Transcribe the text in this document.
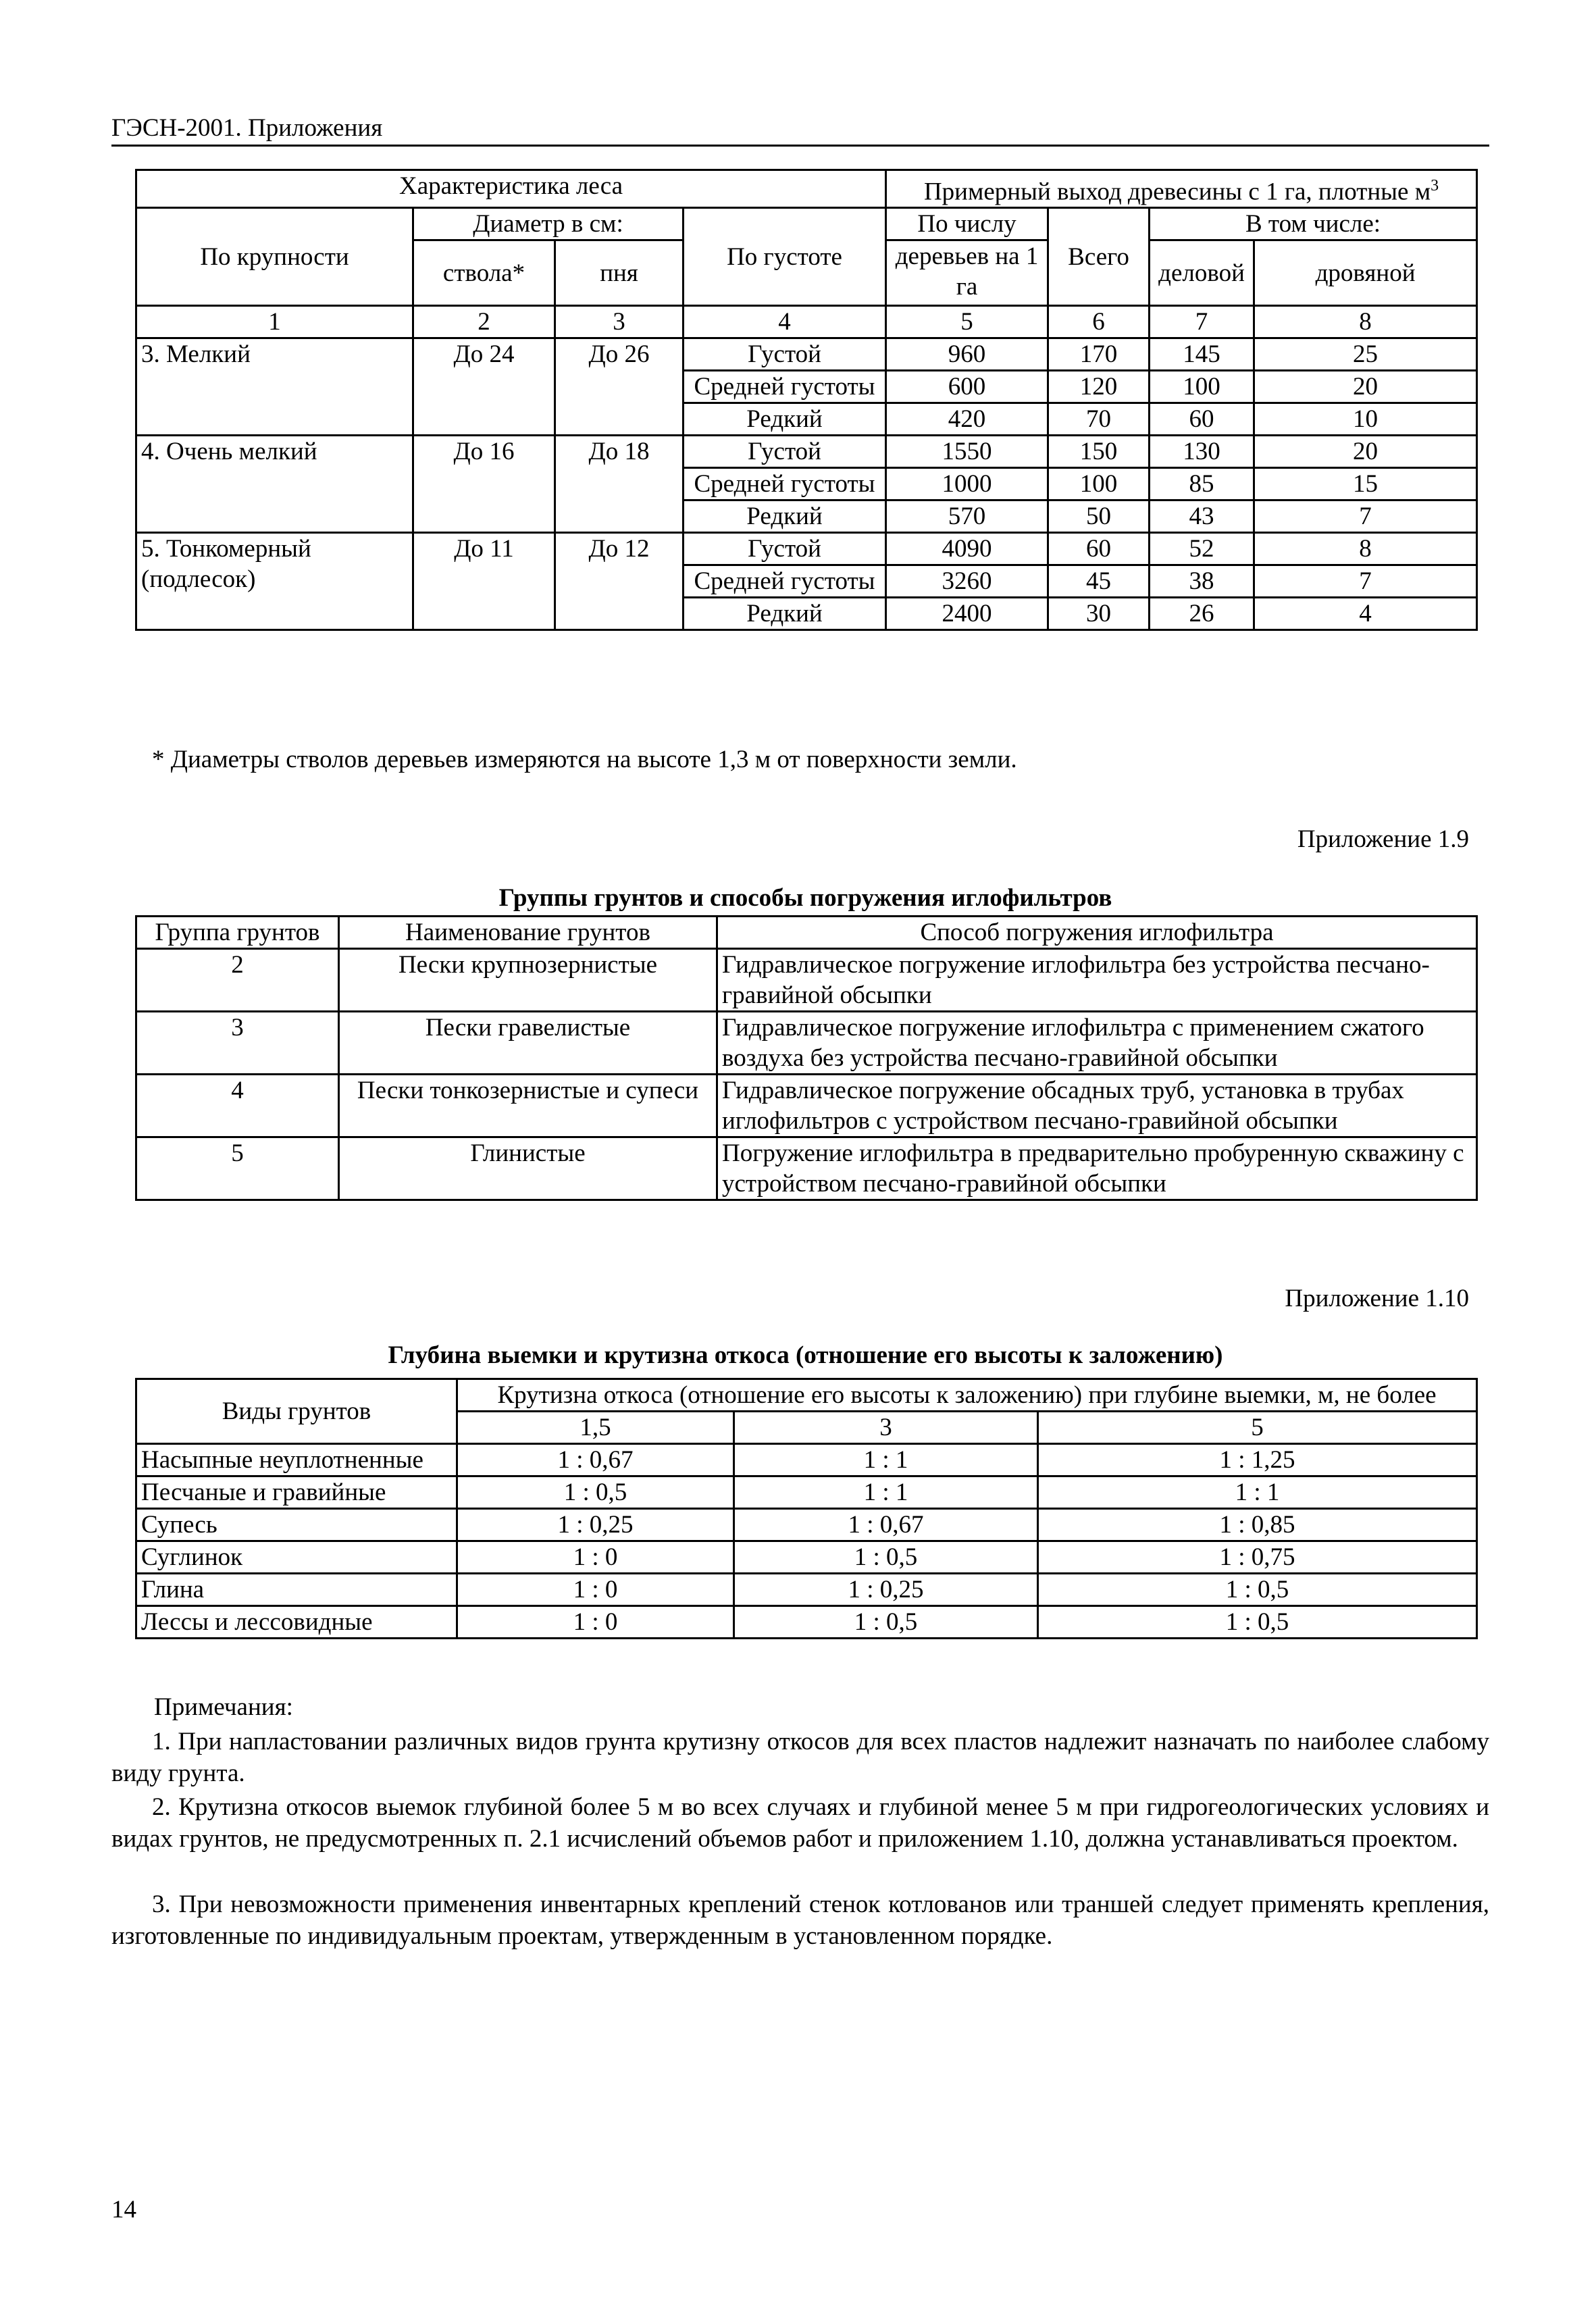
ГЭСН-2001. Приложения
Характеристика леса				Примерный выход древесины с 1 га, плотные $м^3$
По крупности	Диаметр в см:		По густоте	По числу	Всего	В том числе:	
	ствола*	пня		деревьев на 1 га		деловой	дровяной
1	2	3	4	5	6	7	8
3. Мелкий	До 24	До 26	Густой	960	170	145	25
			Средней густоты	600	120	100	20
			Редкий	420	70	60	10
4. Очень мелкий	До 16	До 18	Густой	1550	150	130	20
			Средней густоты	1000	100	85	15
			Редкий	570	50	43	7
5. Тонкомерный (подлесок)	До 11	До 12	Густой	4090	60	52	8
			Средней густоты	3260	45	38	7
			Редкий	2400	30	26	4
* Диаметры стволов деревьев измеряются на высоте 1,3 м от поверхности земли.
Приложение 1.9
Группы грунтов и способы погружения иглофильтров
Группа грунтов	Наименование грунтов	Способ погружения иглофильтра
2	Пески крупнозернистые	Гидравлическое погружение иглофильтра без устройства песчано-гравийной обсыпки
3	Пески гравелистые	Гидравлическое погружение иглофильтра с применением сжатого воздуха без устройства песчано-гравийной обсыпки
4	Пески тонкозернистые и супеси	Гидравлическое погружение обсадных труб, установка в трубах иглофильтров с устройством песчано-гравийной обсыпки
5	Глинистые	Погружение иглофильтра в предварительно пробуренную скважину с устройством песчано-гравийной обсыпки
Приложение 1.10
Глубина выемки и крутизна откоса (отношение его высоты к заложению)
Виды грунтов	Крутизна откоса (отношение его высоты к заложению) при глубине выемки, м, не более		
	1,5	3	5
Насыпные неуплотненные	1 : 0,67	1 : 1	1 : 1,25
Песчаные и гравийные	1 : 0,5	1 : 1	1 : 1
Супесь	1 : 0,25	1 : 0,67	1 : 0,85
Суглинок	1 : 0	1 : 0,5	1 : 0,75
Глина	1 : 0	1 : 0,25	1 : 0,5
Лессы и лессовидные	1 : 0	1 : 0,5	1 : 0,5
Примечания:
1. При напластовании различных видов грунта крутизну откосов для всех пластов надлежит назначать по наиболее слабому виду грунта.
2. Крутизна откосов выемок глубиной более 5 м во всех случаях и глубиной менее 5 м при гидрогеологических условиях и видах грунтов, не предусмотренных п. 2.1 исчислений объемов работ и приложением 1.10, должна устанавливаться проектом.
3. При невозможности применения инвентарных креплений стенок котлованов или траншей следует применять крепления, изготовленные по индивидуальным проектам, утвержденным в установленном порядке.
14
